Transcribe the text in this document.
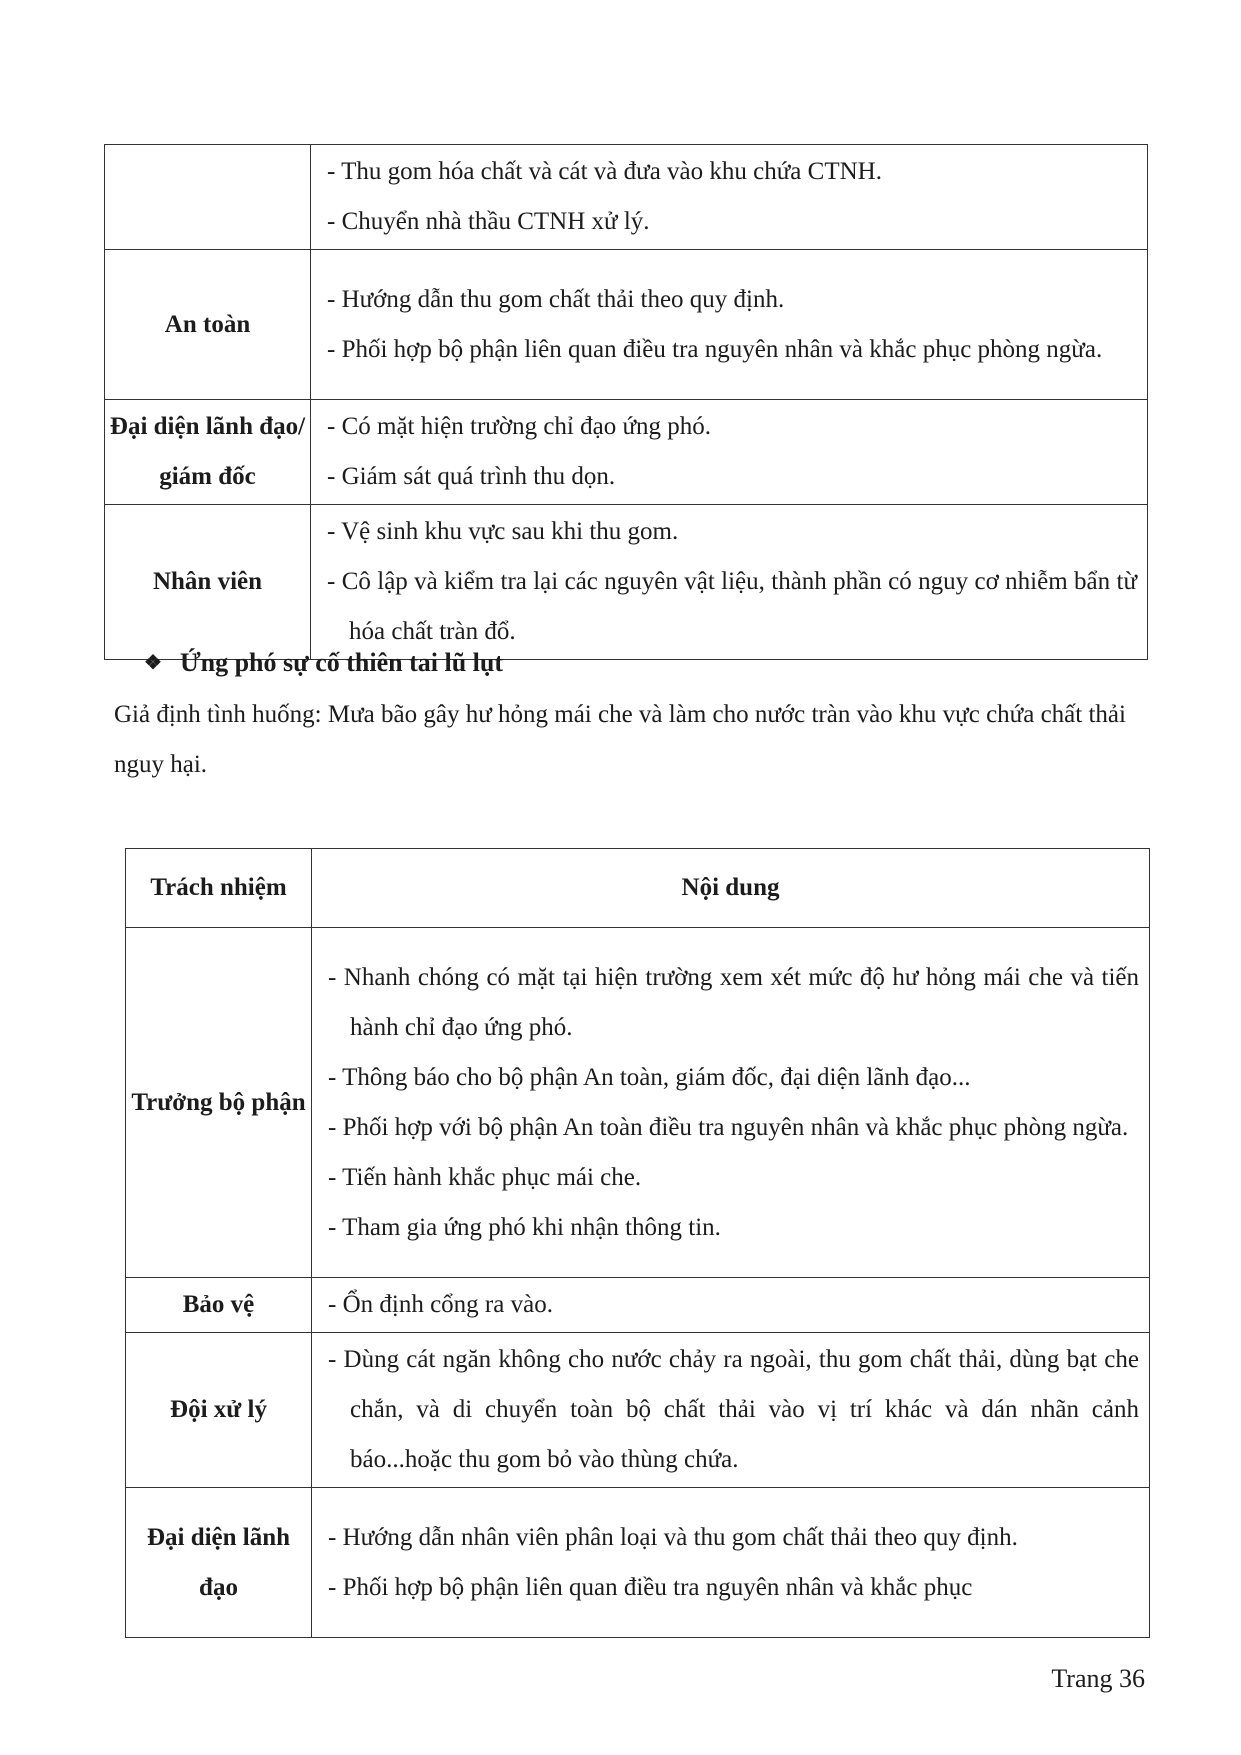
	- Thu gom hóa chất và cát và đưa vào khu chứa CTNH.
- Chuyển nhà thầu CTNH xử lý.

An toàn	- Hướng dẫn thu gom chất thải theo quy định.
- Phối hợp bộ phận liên quan điều tra nguyên nhân và khắc phục phòng ngừa.

Đại diện lãnh đạo/ giám đốc	- Có mặt hiện trường chỉ đạo ứng phó.
- Giám sát quá trình thu dọn.

Nhân viên	- Vệ sinh khu vực sau khi thu gom.
- Cô lập và kiểm tra lại các nguyên vật liệu, thành phần có nguy cơ nhiễm bẩn từ hóa chất tràn đổ.
❖ Ứng phó sự cố thiên tai lũ lụt
Giả định tình huống: Mưa bão gây hư hỏng mái che và làm cho nước tràn vào khu vực chứa chất thải nguy hại.
Trách nhiệm	Nội dung
Trưởng bộ phận	- Nhanh chóng có mặt tại hiện trường xem xét mức độ hư hỏng mái che và tiến hành chỉ đạo ứng phó.
- Thông báo cho bộ phận An toàn, giám đốc, đại diện lãnh đạo...
- Phối hợp với bộ phận An toàn điều tra nguyên nhân và khắc phục phòng ngừa.
- Tiến hành khắc phục mái che.
- Tham gia ứng phó khi nhận thông tin.

Bảo vệ	- Ổn định cổng ra vào.

Đội xử lý	- Dùng cát ngăn không cho nước chảy ra ngoài, thu gom chất thải, dùng bạt che chắn, và di chuyển toàn bộ chất thải vào vị trí khác và dán nhãn cảnh báo...hoặc thu gom bỏ vào thùng chứa.

Đại diện lãnh đạo	- Hướng dẫn nhân viên phân loại và thu gom chất thải theo quy định.
- Phối hợp bộ phận liên quan điều tra nguyên nhân và khắc phục
Trang 36
